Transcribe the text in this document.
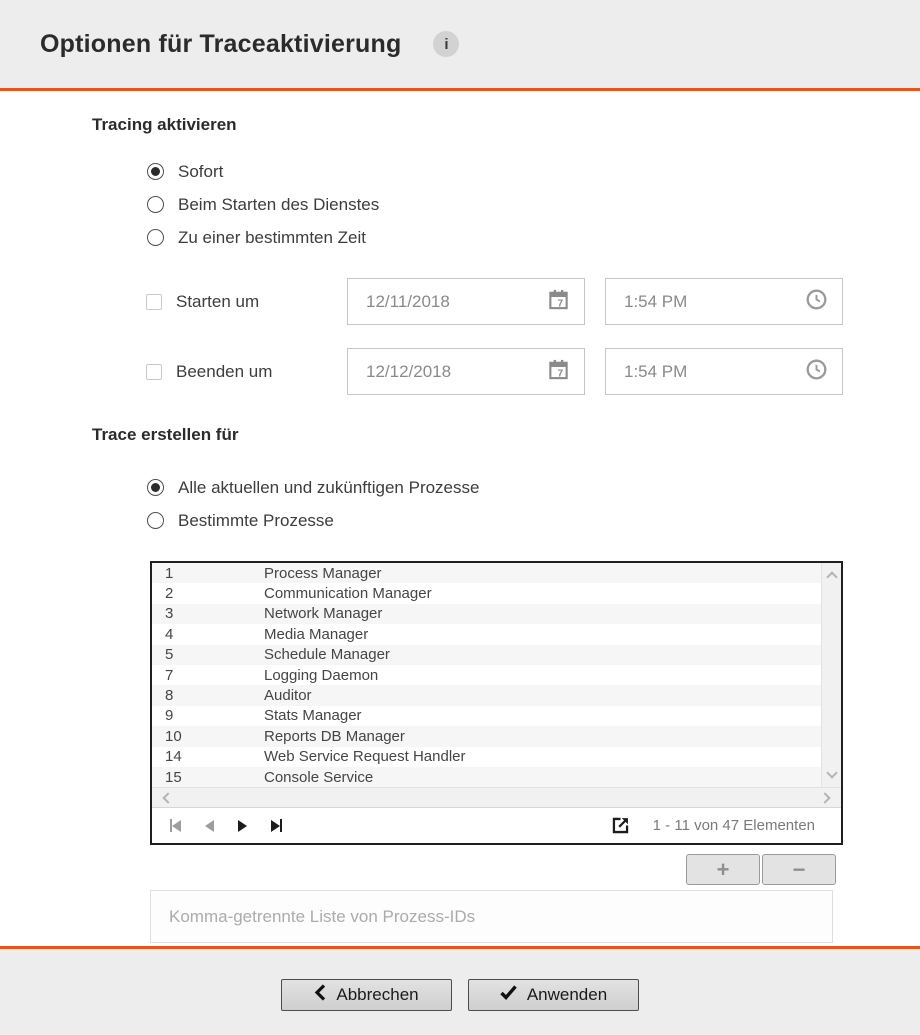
Optionen für Traceaktivierung	i
Tracing aktivieren
Sofort
Beim Starten des Dienstes
Zu einer bestimmten Zeit
Starten um	12/11/2018	7	1:54 PM
Beenden um	12/12/2018	7	1:54 PM
Trace erstellen für
Alle aktuellen und zukünftigen Prozesse
Bestimmte Prozesse
1	Process Manager
2	Communication Manager
3	Network Manager
4	Media Manager
5	Schedule Manager
7	Logging Daemon
8	Auditor
9	Stats Manager
10	Reports DB Manager
14	Web Service Request Handler
15	Console Service
1 - 11 von 47 Elementen
+	−
Komma-getrennte Liste von Prozess-IDs
Abbrechen	Anwenden
